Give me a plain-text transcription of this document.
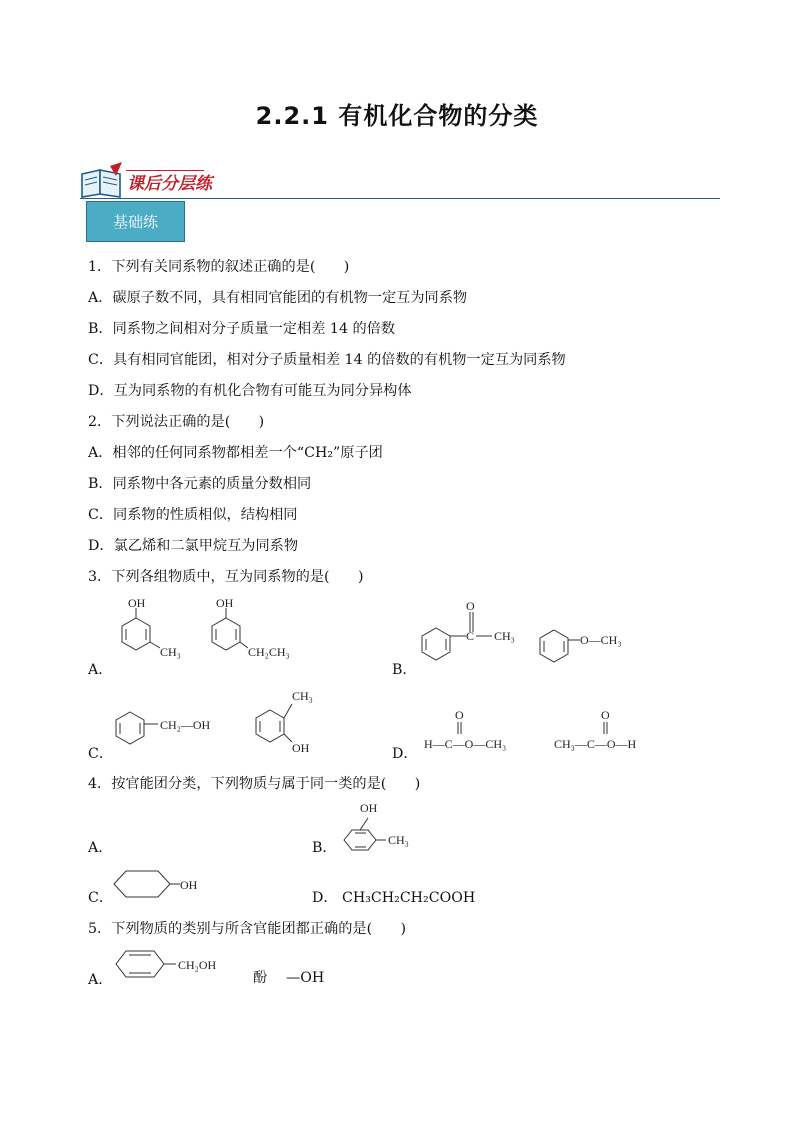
2.2.1 有机化合物的分类
课后分层练
基础练
1．下列有关同系物的叙述正确的是(　　)
A．碳原子数不同，具有相同官能团的有机物一定互为同系物
B．同系物之间相对分子质量一定相差 14 的倍数
C．具有相同官能团，相对分子质量相差 14 的倍数的有机物一定互为同系物
D．互为同系物的有机化合物有可能互为同分异构体
2．下列说法正确的是(　　)
A．相邻的任何同系物都相差一个“CH₂”原子团
B．同系物中各元素的质量分数相同
C．同系物的性质相似，结构相同
D．氯乙烯和二氯甲烷互为同系物
3．下列各组物质中，互为同系物的是(　　)
A．	B．
C．	D．
OH
CH₃
OH
CH₂CH₃
O
C CH₃	O—CH₃
CH₂—OH
CH₃
OH
O
H—C—O—CH₃
O
CH₃—C—O—H
4．按官能团分类，下列物质与属于同一类的是(　　)
A．	B．
OH
CH₃
C．
OH
D． CH₃CH₂CH₂COOH
5．下列物质的类别与所含官能团都正确的是(　　)
A．
CH₂OH
酚 —OH
